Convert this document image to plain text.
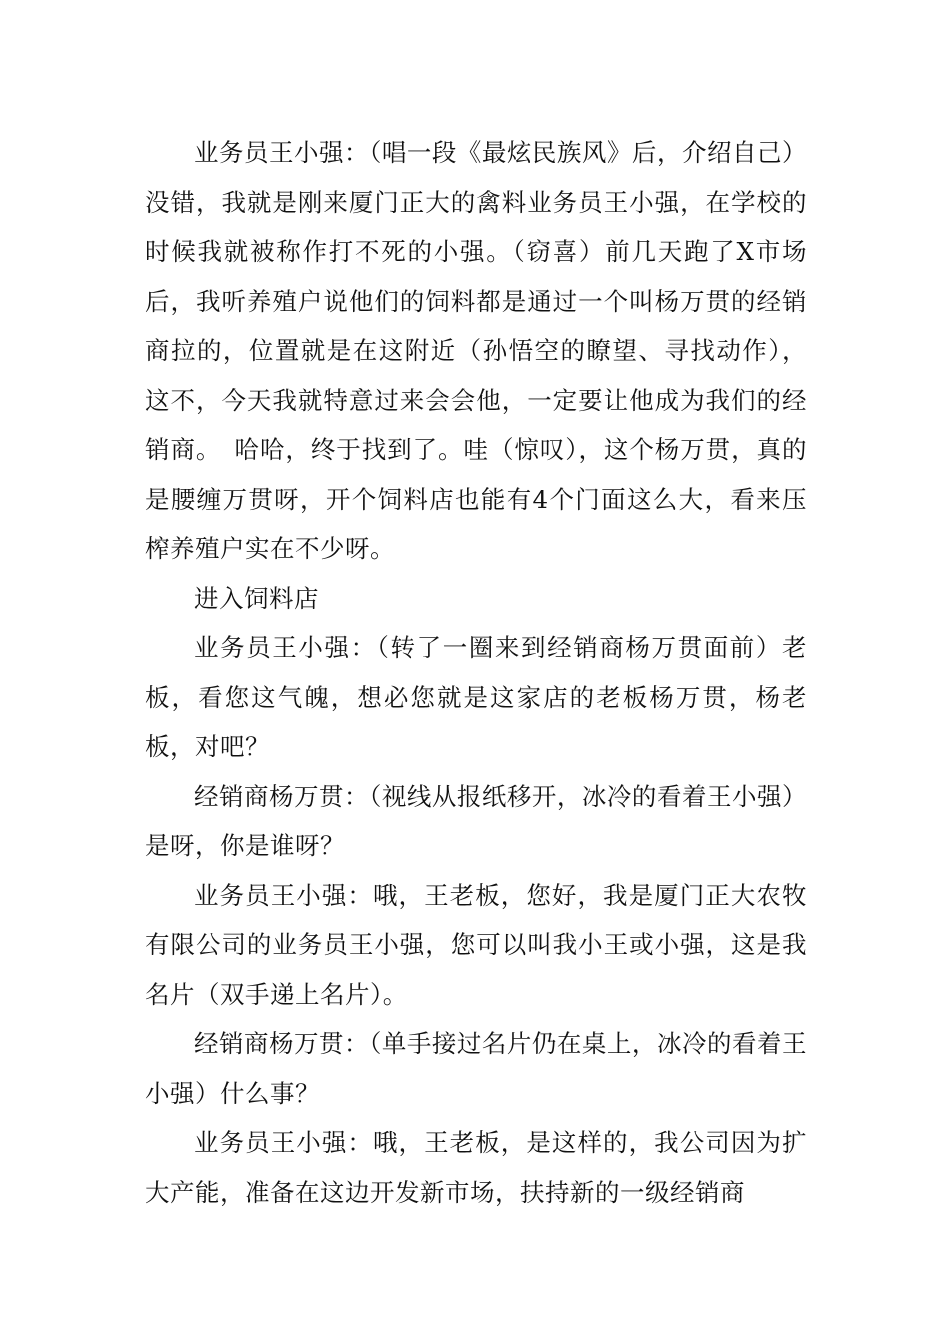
业务员王小强：（唱一段《最炫民族风》后，介绍自己）没错，我就是刚来厦门正大的禽料业务员王小强，在学校的时候我就被称作打不死的小强。（窃喜）前几天跑了X市场后，我听养殖户说他们的饲料都是通过一个叫杨万贯的经销商拉的，位置就是在这附近（孙悟空的瞭望、寻找动作），这不，今天我就特意过来会会他，一定要让他成为我们的经销商。　哈哈，终于找到了。哇（惊叹），这个杨万贯，真的是腰缠万贯呀，开个饲料店也能有4个门面这么大，看来压榨养殖户实在不少呀。

进入饲料店

业务员王小强：（转了一圈来到经销商杨万贯面前）老板，看您这气魄，想必您就是这家店的老板杨万贯，杨老板，对吧？

经销商杨万贯：（视线从报纸移开，冰冷的看着王小强）是呀，你是谁呀？

业务员王小强：哦，王老板，您好，我是厦门正大农牧有限公司的业务员王小强，您可以叫我小王或小强，这是我名片（双手递上名片）。

经销商杨万贯：（单手接过名片仍在桌上，冰冷的看着王小强）什么事？

业务员王小强：哦，王老板，是这样的，我公司因为扩大产能，准备在这边开发新市场，扶持新的一级经销商
